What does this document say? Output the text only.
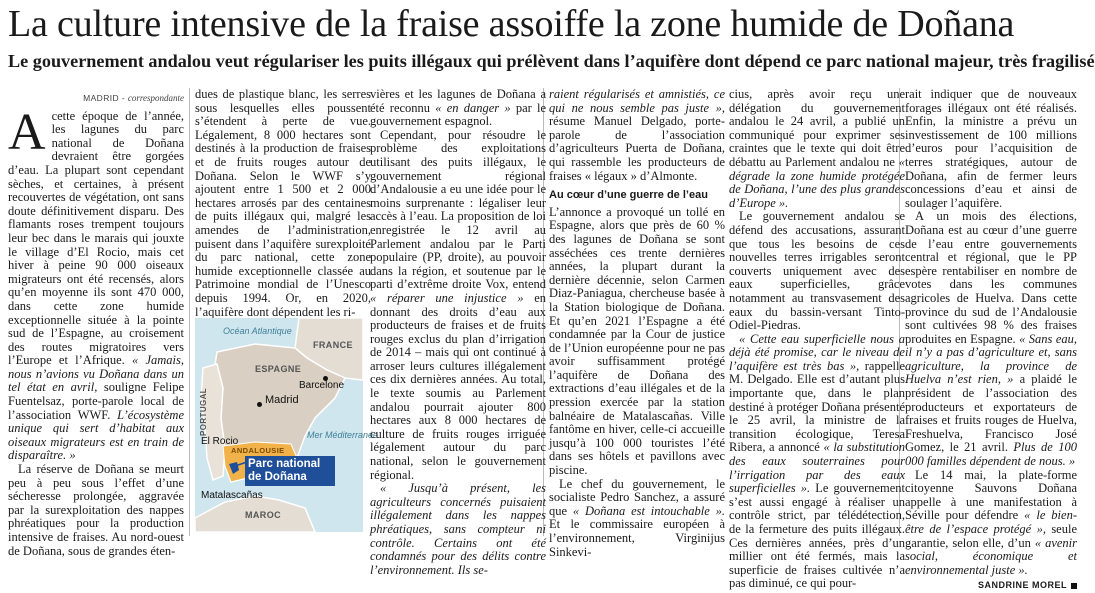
La culture intensive de la fraise assoiffe la zone humide de Doñana
Le gouvernement andalou veut régulariser les puits illégaux qui prélèvent dans l’aquifère dont dépend ce parc national majeur, très fragilisé
MADRID - correspondante

Acette époque de l’année, les lagunes du parc national de Doñana devraient être gorgées d’eau. La plupart sont cependant sèches, et certaines, à présent recouvertes de végétation, ont sans doute définitivement disparu. Des flamants roses trempent toujours leur bec dans le marais qui jouxte le village d’El Rocio, mais cet hiver à peine 90 000 oiseaux migrateurs ont été recensés, alors qu’en moyenne ils sont 470 000, dans cette zone humide exceptionnelle située à la pointe sud de l’Espagne, au croisement des routes migratoires vers l’Europe et l’Afrique. « Jamais, nous n’avions vu Doñana dans un tel état en avril, souligne Felipe Fuentelsaz, porte-parole local de l’association WWF. L’écosystème unique qui sert d’habitat aux oiseaux migrateurs est en train de disparaître. »

La réserve de Doñana se meurt peu à peu sous l’effet d’une sécheresse prolongée, aggravée par la surexploitation des nappes phréatiques pour la production intensive de fraises. Au nord-ouest de Doñana, sous de grandes éten-

dues de plastique blanc, les serres sous lesquelles elles poussent s’étendent à perte de vue. Légalement, 8 000 hectares sont destinés à la production de fraises et de fruits rouges autour de Doñana. Selon le WWF s’y ajoutent entre 1 500 et 2 000 hectares arrosés par des centaines de puits illégaux qui, malgré les amendes de l’administration, puisent dans l’aquifère surexploité du parc national, cette zone humide exceptionnelle classée au Patrimoine mondial de l’Unesco depuis 1994. Or, en 2020, l’aquifère dont dépendent les ri-

Océan Atlantique
FRANCE
ESPAGNE
PORTUGAL	Madrid
Barcelone
El Rocio
ANDALOUSIE
Mer Méditerranée
Parc national de Doñana
Matalascañas
MAROC

vières et les lagunes de Doñana a été reconnu « en danger » par le gouvernement espagnol.

Cependant, pour résoudre le problème des exploitations utilisant des puits illégaux, le gouvernement régional d’Andalousie a eu une idée pour le moins surprenante : légaliser leur accès à l’eau. La proposition de loi enregistrée le 12 avril au Parlement andalou par le Parti populaire (PP, droite), au pouvoir dans la région, et soutenue par le parti d’extrême droite Vox, entend « réparer une injustice » en donnant des droits d’eau aux producteurs de fraises et de fruits rouges exclus du plan d’irrigation de 2014 – mais qui ont continué à arroser leurs cultures illégalement ces dix dernières années. Au total, le texte soumis au Parlement andalou pourrait ajouter 800 hectares aux 8 000 hectares de culture de fruits rouges irriguée légalement autour du parc national, selon le gouvernement régional.

« Jusqu’à présent, les agriculteurs concernés puisaient illégalement dans les nappes phréatiques, sans compteur ni contrôle. Certains ont été condamnés pour des délits contre l’environnement. Ils se-

raient régularisés et amnistiés, ce qui ne nous semble pas juste », résume Manuel Delgado, porte-parole de l’association d’agriculteurs Puerta de Doñana, qui rassemble les producteurs de fraises « légaux » d’Almonte.

Au cœur d’une guerre de l’eau

L’annonce a provoqué un tollé en Espagne, alors que près de 60 % des lagunes de Doñana se sont asséchées ces trente dernières années, la plupart durant la dernière décennie, selon Carmen Diaz-Paniagua, chercheuse basée à la Station biologique de Doñana. Et qu’en 2021 l’Espagne a été condamnée par la Cour de justice de l’Union européenne pour ne pas avoir suffisamment protégé l’aquifère de Doñana des extractions d’eau illégales et de la pression exercée par la station balnéaire de Matalascañas. Ville fantôme en hiver, celle-ci accueille jusqu’à 100 000 touristes l’été dans ses hôtels et pavillons avec piscine.

Le chef du gouvernement, le socialiste Pedro Sanchez, a assuré que « Doñana est intouchable ». Et le commissaire européen à l’environnement, Virginijus Sinkevi-

cius, après avoir reçu une délégation du gouvernement andalou le 24 avril, a publié un communiqué pour exprimer ses craintes que le texte qui doit être débattu au Parlement andalou ne « dégrade la zone humide protégée de Doñana, l’une des plus grandes d’Europe ».

Le gouvernement andalou se défend des accusations, assurant que tous les besoins de ces nouvelles terres irrigables seront couverts uniquement avec des eaux superficielles, grâce notamment au transvasement des eaux du bassin-versant Tinto-Odiel-Piedras.

« Cette eau superficielle nous a déjà été promise, car le niveau de l’aquifère est très bas », rappelle M. Delgado. Elle est d’autant plus importante que, dans le plan destiné à protéger Doñana présenté le 25 avril, la ministre de la transition écologique, Teresa Ribera, a annoncé « la substitution des eaux souterraines pour l’irrigation par des eaux superficielles ». Le gouvernement s’est aussi engagé à réaliser un contrôle strict, par télédétection, de la fermeture des puits illégaux. Ces dernières années, près d’un millier ont été fermés, mais la superficie de fraises cultivée n’a pas diminué, ce qui pour-

rait indiquer que de nouveaux forages illégaux ont été réalisés. Enfin, la ministre a prévu un investissement de 100 millions d’euros pour l’acquisition de terres stratégiques, autour de Doñana, afin de fermer leurs concessions d’eau et ainsi de soulager l’aquifère.

A un mois des élections, Doñana est au cœur d’une guerre de l’eau entre gouvernements central et régional, que le PP espère rentabiliser en nombre de votes dans les communes agricoles de Huelva. Dans cette province du sud de l’Andalousie sont cultivées 98 % des fraises produites en Espagne. « Sans eau, il n’y a pas d’agriculture et, sans agriculture, la province de Huelva n’est rien, » a plaidé le président de l’association des producteurs et exportateurs de fraises et fruits rouges de Huelva, Freshuelva, Francisco José Gomez, le 21 avril. Plus de 100 000 familles dépendent de nous. »

Le 14 mai, la plate-forme citoyenne Sauvons Doñana appelle à une manifestation à Séville pour défendre « le bien-être de l’espace protégé », seule garantie, selon elle, d’un « avenir social, économique et environnemental juste ».

SANDRINE MOREL
